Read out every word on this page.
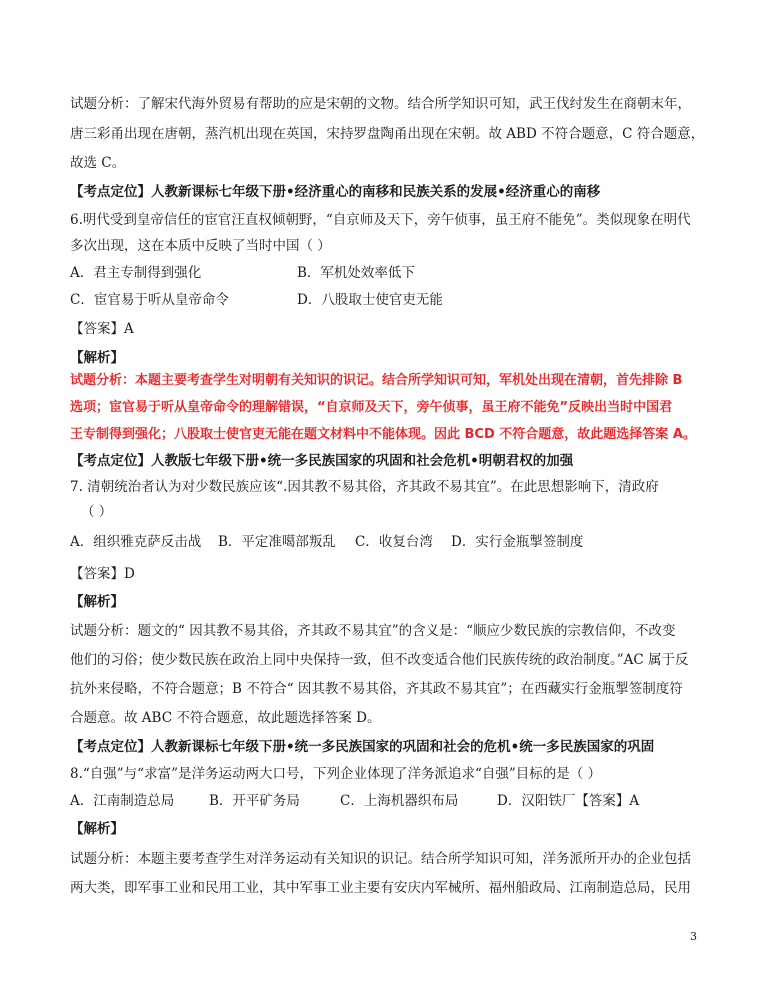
试题分析：了解宋代海外贸易有帮助的应是宋朝的文物。结合所学知识可知，武王伐纣发生在商朝末年，
唐三彩甬出现在唐朝，蒸汽机出现在英国，宋持罗盘陶甬出现在宋朝。故 ABD 不符合题意，C 符合题意，
故选 C。
【考点定位】人教新课标七年级下册•经济重心的南移和民族关系的发展•经济重心的南移
6.明代受到皇帝信任的宦官汪直权倾朝野，“自京师及天下，旁午侦事，虽王府不能免”。类似现象在明代
多次出现，这在本质中反映了当时中国（ ）
A．君主专制得到强化	B．军机处效率低下
C．宦官易于听从皇帝命令	D．八股取士使官吏无能
【答案】A
【解析】
试题分析：本题主要考查学生对明朝有关知识的识记。结合所学知识可知，军机处出现在清朝，首先排除 B
选项；宦官易于听从皇帝命令的理解错误，“自京师及天下，旁午侦事，虽王府不能免”反映出当时中国君
王专制得到强化；八股取士使官吏无能在题文材料中不能体现。因此 BCD 不符合题意，故此题选择答案 A。
【考点定位】人教版七年级下册•统一多民族国家的巩固和社会危机•明朝君权的加强
7. 清朝统治者认为对少数民族应该“.因其教不易其俗，齐其政不易其宜”。在此思想影响下，清政府
（ ）
A．组织雅克萨反击战 B．平定准噶部叛乱 C．收复台湾 D．实行金瓶掣签制度
【答案】D
【解析】
试题分析：题文的“ 因其教不易其俗，齐其政不易其宜”的含义是：“顺应少数民族的宗教信仰，不改变
他们的习俗；使少数民族在政治上同中央保持一致，但不改变适合他们民族传统的政治制度。”AC 属于反
抗外来侵略，不符合题意；B 不符合“ 因其教不易其俗，齐其政不易其宜”；在西藏实行金瓶掣签制度符
合题意。故 ABC 不符合题意，故此题选择答案 D。
【考点定位】人教新课标七年级下册•统一多民族国家的巩固和社会的危机•统一多民族国家的巩固
8.“自强”与“求富”是洋务运动两大口号，下列企业体现了洋务派追求“自强”目标的是（ ）
A．江南制造总局	B．开平矿务局	C．上海机器织布局	D．汉阳铁厂【答案】A
【解析】
试题分析：本题主要考查学生对洋务运动有关知识的识记。结合所学知识可知，洋务派所开办的企业包括
两大类，即军事工业和民用工业，其中军事工业主要有安庆内军械所、福州船政局、江南制造总局，民用
3
